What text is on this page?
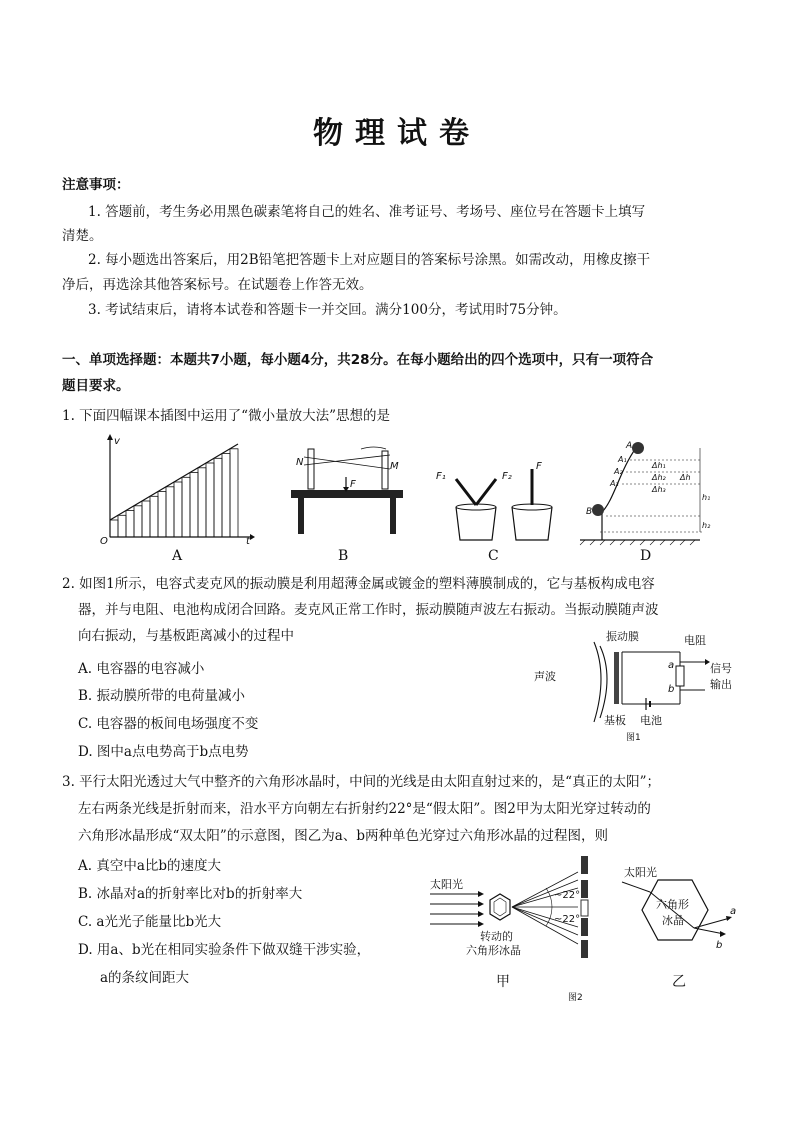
物理试卷
注意事项：
1. 答题前，考生务必用黑色碳素笔将自己的姓名、准考证号、考场号、座位号在答题卡上填写
清楚。
2. 每小题选出答案后，用2B铅笔把答题卡上对应题目的答案标号涂黑。如需改动，用橡皮擦干
净后，再选涂其他答案标号。在试题卷上作答无效。
3. 考试结束后，请将本试卷和答题卡一并交回。满分100分，考试用时75分钟。
一、单项选择题：本题共7小题，每小题4分，共28分。在每小题给出的四个选项中，只有一项符合
题目要求。
1. 下面四幅课本插图中运用了“微小量放大法”思想的是
v
t
O
N	M
F
F₁	F₂
F
A
A₁
A₂
A₃
B
Δh₁
Δh₂
Δh₃
Δh
h₁
h₂
A	B	C	D
2. 如图1所示，电容式麦克风的振动膜是利用超薄金属或镀金的塑料薄膜制成的，它与基板构成电容
器，并与电阻、电池构成闭合回路。麦克风正常工作时，振动膜随声波左右振动。当振动膜随声波
向右振动，与基板距离减小的过程中
A. 电容器的电容减小
B. 振动膜所带的电荷量减小
C. 电容器的板间电场强度不变
D. 图中a点电势高于b点电势
振动膜	电阻
声波
信号
输出
基板 电池
a
b
图1
3. 平行太阳光透过大气中整齐的六角形冰晶时，中间的光线是由太阳直射过来的，是“真正的太阳”；
左右两条光线是折射而来，沿水平方向朝左右折射约22°是“假太阳”。图2甲为太阳光穿过转动的
六角形冰晶形成“双太阳”的示意图，图乙为a、b两种单色光穿过六角形冰晶的过程图，则
A. 真空中a比b的速度大
B. 冰晶对a的折射率比对b的折射率大
C. a光光子能量比b光大
D. 用a、b光在相同实验条件下做双缝干涉实验，
a的条纹间距大
太阳光
~22°
~22°
转动的
六角形冰晶
甲
图2
太阳光
六角形
冰晶
a
b
乙
